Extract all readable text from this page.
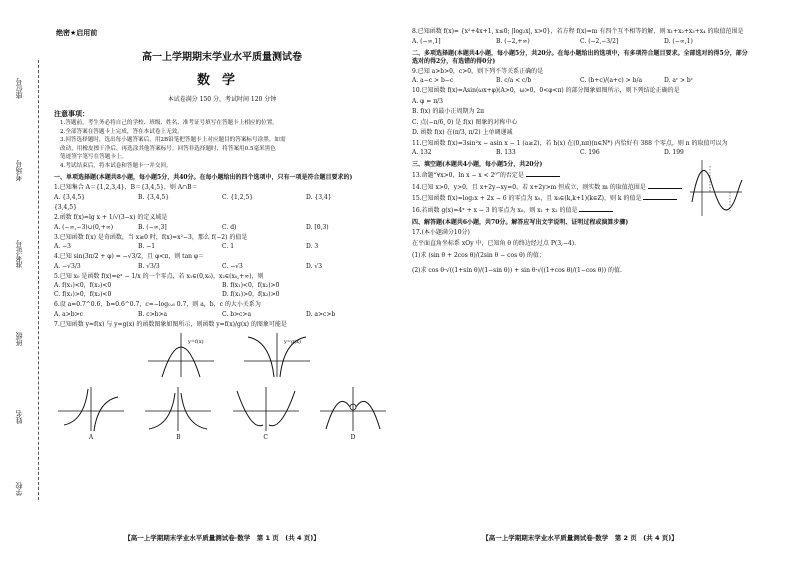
绝密★启用前
座位号
考场号
准考证号
班级
姓名
学校
高一上学期期末学业水平质量测试卷
数学
本试卷满分 150 分，考试时间 120 分钟
注意事项：
1.答题前，考生务必将自己的学校、班级、姓名、准考证号填写在答题卡上相应的位置。
2.全部答案在答题卡上完成，答在本试卷上无效。
3.回答选择题时，选出每小题答案后，用2B铅笔把答题卡上对应题目的答案标号涂黑。如需
改动，用橡皮擦干净后，再选涂其他答案标号。回答非选择题时，将答案用0.5毫米黑色
笔迹签字笔写在答题卡上。
4.考试结束后，将本试卷和答题卡一并交回。
一、单项选择题(本题共8小题，每小题5分，共40分。在每小题给出的四个选项中，只有一项是符合题目要求的)
1.已知集合 A＝{1,2,3,4}，B＝{3,4,5}，则 A∩B＝
A. {3,4,5}	B. {3,4,5}	C. {1,2,5}	D. {3,4}
{3,4,5}
2.函数 f(x)=lg x + 1/√(3−x) 的定义域是
A. (−∞,−3)∪(0,+∞)	B. (−∞,3]	C. d)	D. [0,3)
3.已知函数 f(x) 是奇函数，当 x≥0 时，f(x)=x²−3，那么 f(−2) 的值是
A. −3	B. −1	C. 1	D. 3
4.已知 sin(3π/2 + φ) = −√3/2，且 φ<π，则 tan φ＝
A. −√3/3	B. √3/3	C. −√3	D. √3
5.已知 x₀ 是函数 f(x)=eˣ − 1/x 的一个零点，若 x₁∈(0,x₀)，x₂∈(x₀,+∞)，则
A. f(x₁)<0，f(x₂)<0	B. f(x₁)<0，f(x₂)>0
C. f(x₁)>0，f(x₂)<0	D. f(x₁)>0，f(x₂)>0
6.设 a=0.7^0.6，b=0.6^0.7，c=−log₀.₆ 0.7，则 a，b，c 的大小关系为
A. a>b>c	B. c>b>a	C. b>c>a	D. a>c>b
7.已知函数 y=f(x) 与 y=g(x) 的函数图象如图所示，则函数 y=f(x)/g(x) 的图象可能是
y=f(x)	y=g(x)
A	B	C	D
【高一上学期期末学业水平质量测试卷·数学　第 1 页　(共 4 页)】
8.已知函数 f(x)= {x²+4x+1, x≤0; |log₂x|, x>0}，若方程 f(x)=m 有四个互不相等的解，则 x₁+x₂+x₃+x₄ 的取值范围是
A. (−∞,1]	B. (−2,+∞)	C. (−2,−3/2]	D. (−∞,1)
二、多项选择题(本题共4小题，每小题5分，共20分。在每小题给出的选项中，有多项符合题目要求。全部选对的得5分，部分选对的得2分，有选错的得0分)
9.已知 a>b>0，c>0，则下列不等关系正确的是
A. a−c > b−c	B. c/a < c/b	C. (b+c)/(a+c) > b/a	D. aᶜ > bᶜ
10.已知函数 f(x)=Asin(ωx+φ)(A>0，ω>0，0<φ<π) 的部分图象如图所示，则下列结论正确的是
A. φ = π/3
B. f(x) 的最小正周期为 2π
C. 点(−π/6, 0) 是 f(x) 图象的对称中心
D. 函数 f(x) 在(π/3, π/2) 上单调递减
11.已知函数 f(x)=3sin²x − asin x − 1 (a≥2)，若 h(x) 在(0,nπ)(n∈N*) 内恰好有 388 个零点，则 n 的取值可以为
A. 132	B. 133	C. 196	D. 199
三、填空题(本题共4小题，每小题5分，共20分)
13.命题“∀x>0，ln x − x < 2⁰”的否定是
14.已知 x>0，y>0，且 x+2y−xy=0，若 x+2y>m 恒成立，则实数 m 的取值范围是
15.已知函数 f(x)=log₂x + 2x − 6 的零点为 x₀，且 x₀∈(k,k+1)(k∈Z)，则 k 的值是
16.若函数 g(x)=4ˣ + x − 3 的零点为 x₀，则 x₁ + x₂ 的值是
四、解答题(本题共6小题，共70分。解答应写出文字说明、证明过程或演算步骤)
17.(本小题满分10分)
在平面直角坐标系 xOy 中，已知角 θ 的终边经过点 P(3,−4).
(1)求 (sin θ + 2cos θ)/(2sin θ − cos θ) 的值；
(2)求 cos θ·√((1+sin θ)/(1−sin θ)) + sin θ·√((1+cos θ)/(1−cos θ)) 的值.
【高一上学期期末学业水平质量测试卷·数学　第 2 页　(共 4 页)】
